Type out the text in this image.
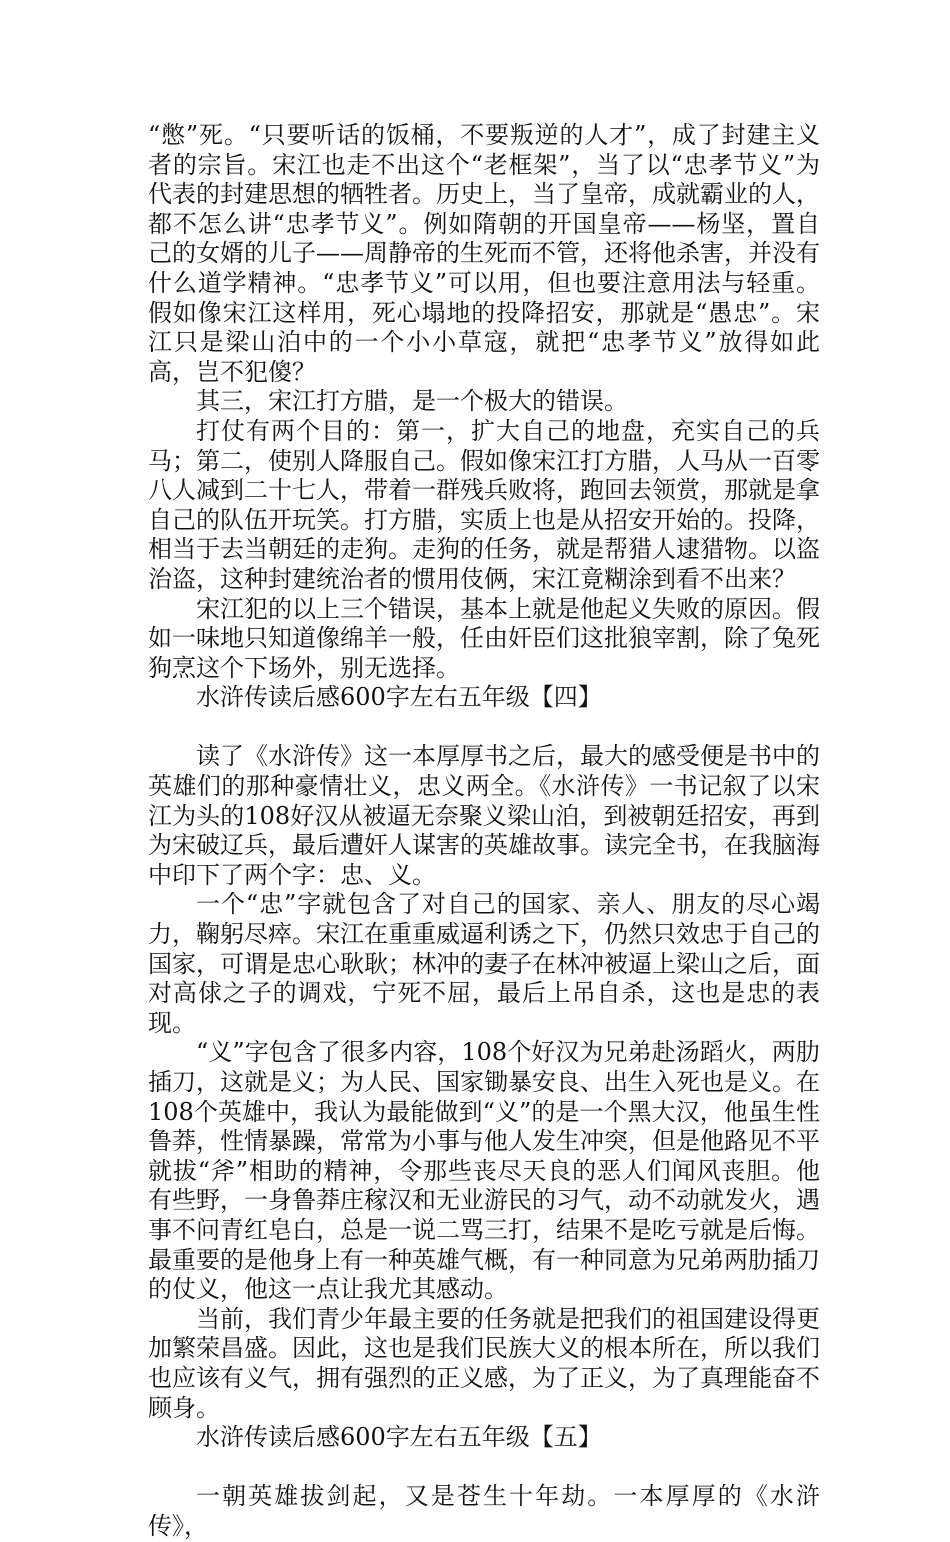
“憋”死。“只要听话的饭桶，不要叛逆的人才”，成了封建主义者的宗旨。宋江也走不出这个“老框架”，当了以“忠孝节义”为代表的封建思想的牺牲者。历史上，当了皇帝，成就霸业的人，都不怎么讲“忠孝节义”。例如隋朝的开国皇帝——杨坚，置自己的女婿的儿子——周静帝的生死而不管，还将他杀害，并没有什么道学精神。“忠孝节义”可以用，但也要注意用法与轻重。假如像宋江这样用，死心塌地的投降招安，那就是“愚忠”。宋江只是梁山泊中的一个小小草寇，就把“忠孝节义”放得如此高，岂不犯傻？

其三，宋江打方腊，是一个极大的错误。

打仗有两个目的：第一，扩大自己的地盘，充实自己的兵马；第二，使别人降服自己。假如像宋江打方腊，人马从一百零八人减到二十七人，带着一群残兵败将，跑回去领赏，那就是拿自己的队伍开玩笑。打方腊，实质上也是从招安开始的。投降，相当于去当朝廷的走狗。走狗的任务，就是帮猎人逮猎物。以盗治盗，这种封建统治者的惯用伎俩，宋江竟糊涂到看不出来？

宋江犯的以上三个错误，基本上就是他起义失败的原因。假如一味地只知道像绵羊一般，任由奸臣们这批狼宰割，除了兔死狗烹这个下场外，别无选择。

水浒传读后感600字左右五年级【四】

读了《水浒传》这一本厚厚书之后，最大的感受便是书中的英雄们的那种豪情壮义，忠义两全。《水浒传》一书记叙了以宋江为头的108好汉从被逼无奈聚义梁山泊，到被朝廷招安，再到为宋破辽兵，最后遭奸人谋害的英雄故事。读完全书，在我脑海中印下了两个字：忠、义。

一个“忠”字就包含了对自己的国家、亲人、朋友的尽心竭力，鞠躬尽瘁。宋江在重重威逼利诱之下，仍然只效忠于自己的国家，可谓是忠心耿耿；林冲的妻子在林冲被逼上梁山之后，面对高俅之子的调戏，宁死不屈，最后上吊自杀，这也是忠的表现。

“义”字包含了很多内容，108个好汉为兄弟赴汤蹈火，两肋插刀，这就是义；为人民、国家锄暴安良、出生入死也是义。在108个英雄中，我认为最能做到“义”的是一个黑大汉，他虽生性鲁莽，性情暴躁，常常为小事与他人发生冲突，但是他路见不平就拔“斧”相助的精神，令那些丧尽天良的恶人们闻风丧胆。他有些野，一身鲁莽庄稼汉和无业游民的习气，动不动就发火，遇事不问青红皂白，总是一说二骂三打，结果不是吃亏就是后悔。最重要的是他身上有一种英雄气概，有一种同意为兄弟两肋插刀的仗义，他这一点让我尤其感动。

当前，我们青少年最主要的任务就是把我们的祖国建设得更加繁荣昌盛。因此，这也是我们民族大义的根本所在，所以我们也应该有义气，拥有强烈的正义感，为了正义，为了真理能奋不顾身。

水浒传读后感600字左右五年级【五】

一朝英雄拔剑起，又是苍生十年劫。一本厚厚的《水浒传》，
